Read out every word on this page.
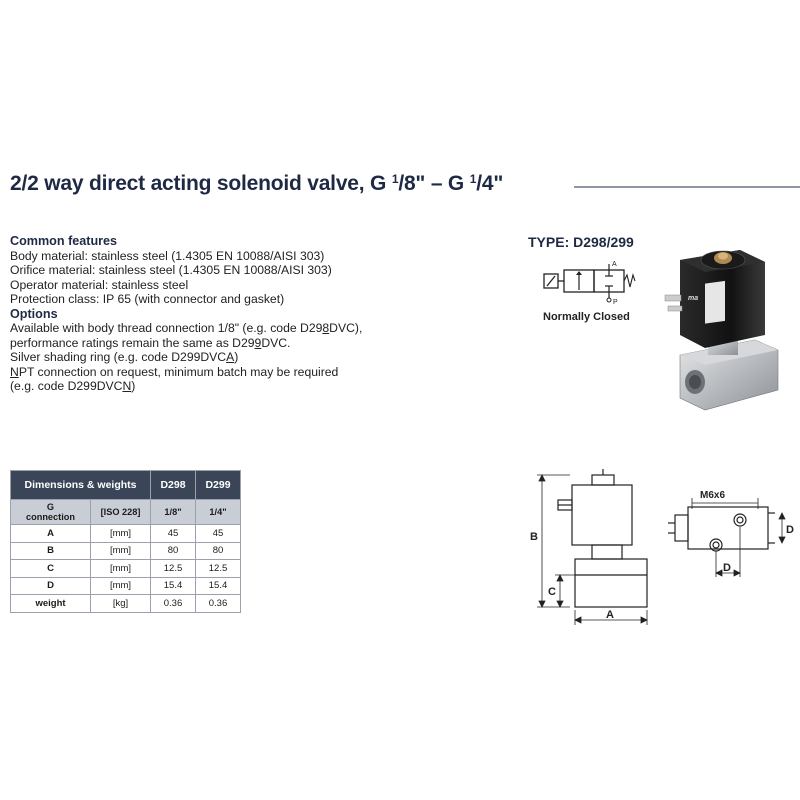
2/2 way direct acting solenoid valve, G $^1$/8" – G $^1$/4"
Common features
Body material: stainless steel (1.4305 EN 10088/AISI 303)
Orifice material: stainless steel (1.4305 EN 10088/AISI 303)
Operator material: stainless steel
Protection class: IP 65 (with connector and gasket)
Options
Available with body thread connection 1/8" (e.g. code D298DVC),
performance ratings remain the same as D299DVC.
Silver shading ring (e.g. code D299DVCA)
NPT connection on request, minimum batch may be required
(e.g. code D299DVCN)
TYPE: D298/299
A
P
Normally Closed
ma
Dimensions & weights		D298	D299
G
connection	[ISO 228]	1/8"	1/4"
A	[mm]	45	45
B	[mm]	80	80
C	[mm]	12.5	12.5
D	[mm]	15.4	15.4
weight	[kg]	0.36	0.36
B
C
A
M6x6
D
D
